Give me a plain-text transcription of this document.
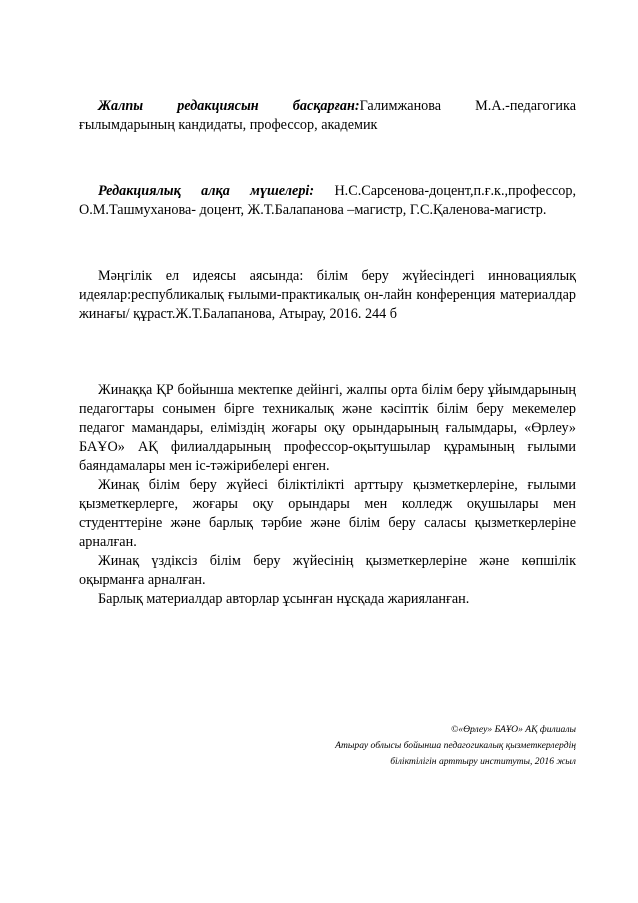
Жалпы редакциясын басқарған:Галимжанова М.А.-педагогика ғылымдарының кандидаты, профессор, академик

Редакциялық алқа мүшелері: Н.С.Сарсенова-доцент,п.ғ.к.,профессор, О.М.Ташмуханова- доцент, Ж.Т.Балапанова –магистр, Г.С.Қаленова-магистр.

Мәңгілік ел идеясы аясында: білім беру жүйесіндегі инновациялық идеялар:республикалық ғылыми-практикалық он-лайн конференция материалдар жинағы/ құраст.Ж.Т.Балапанова, Атырау, 2016. 244 б

Жинаққа ҚР бойынша мектепке дейінгі, жалпы орта білім беру ұйымдарының педагогтары сонымен бірге техникалық және кәсіптік білім беру мекемелер педагог мамандары, еліміздің жоғары оқу орындарының ғалымдары, «Өрлеу» БАҰО» АҚ филиалдарының профессор-оқытушылар құрамының ғылыми баяндамалары мен іс-тәжірибелері енген.

Жинақ білім беру жүйесі біліктілікті арттыру қызметкерлеріне, ғылыми қызметкерлерге, жоғары оқу орындары мен колледж оқушылары мен студенттеріне және барлық тәрбие және білім беру саласы қызметкерлеріне арналған.

Жинақ үздіксіз білім беру жүйесінің қызметкерлеріне және көпшілік оқырманға арналған.

Барлық материалдар авторлар ұсынған нұсқада жарияланған.

©«Өрлеу» БАҰО» АҚ филиалы
Атырау облысы бойынша педагогикалық қызметкерлердің
біліктілігін арттыру институты, 2016 жыл
